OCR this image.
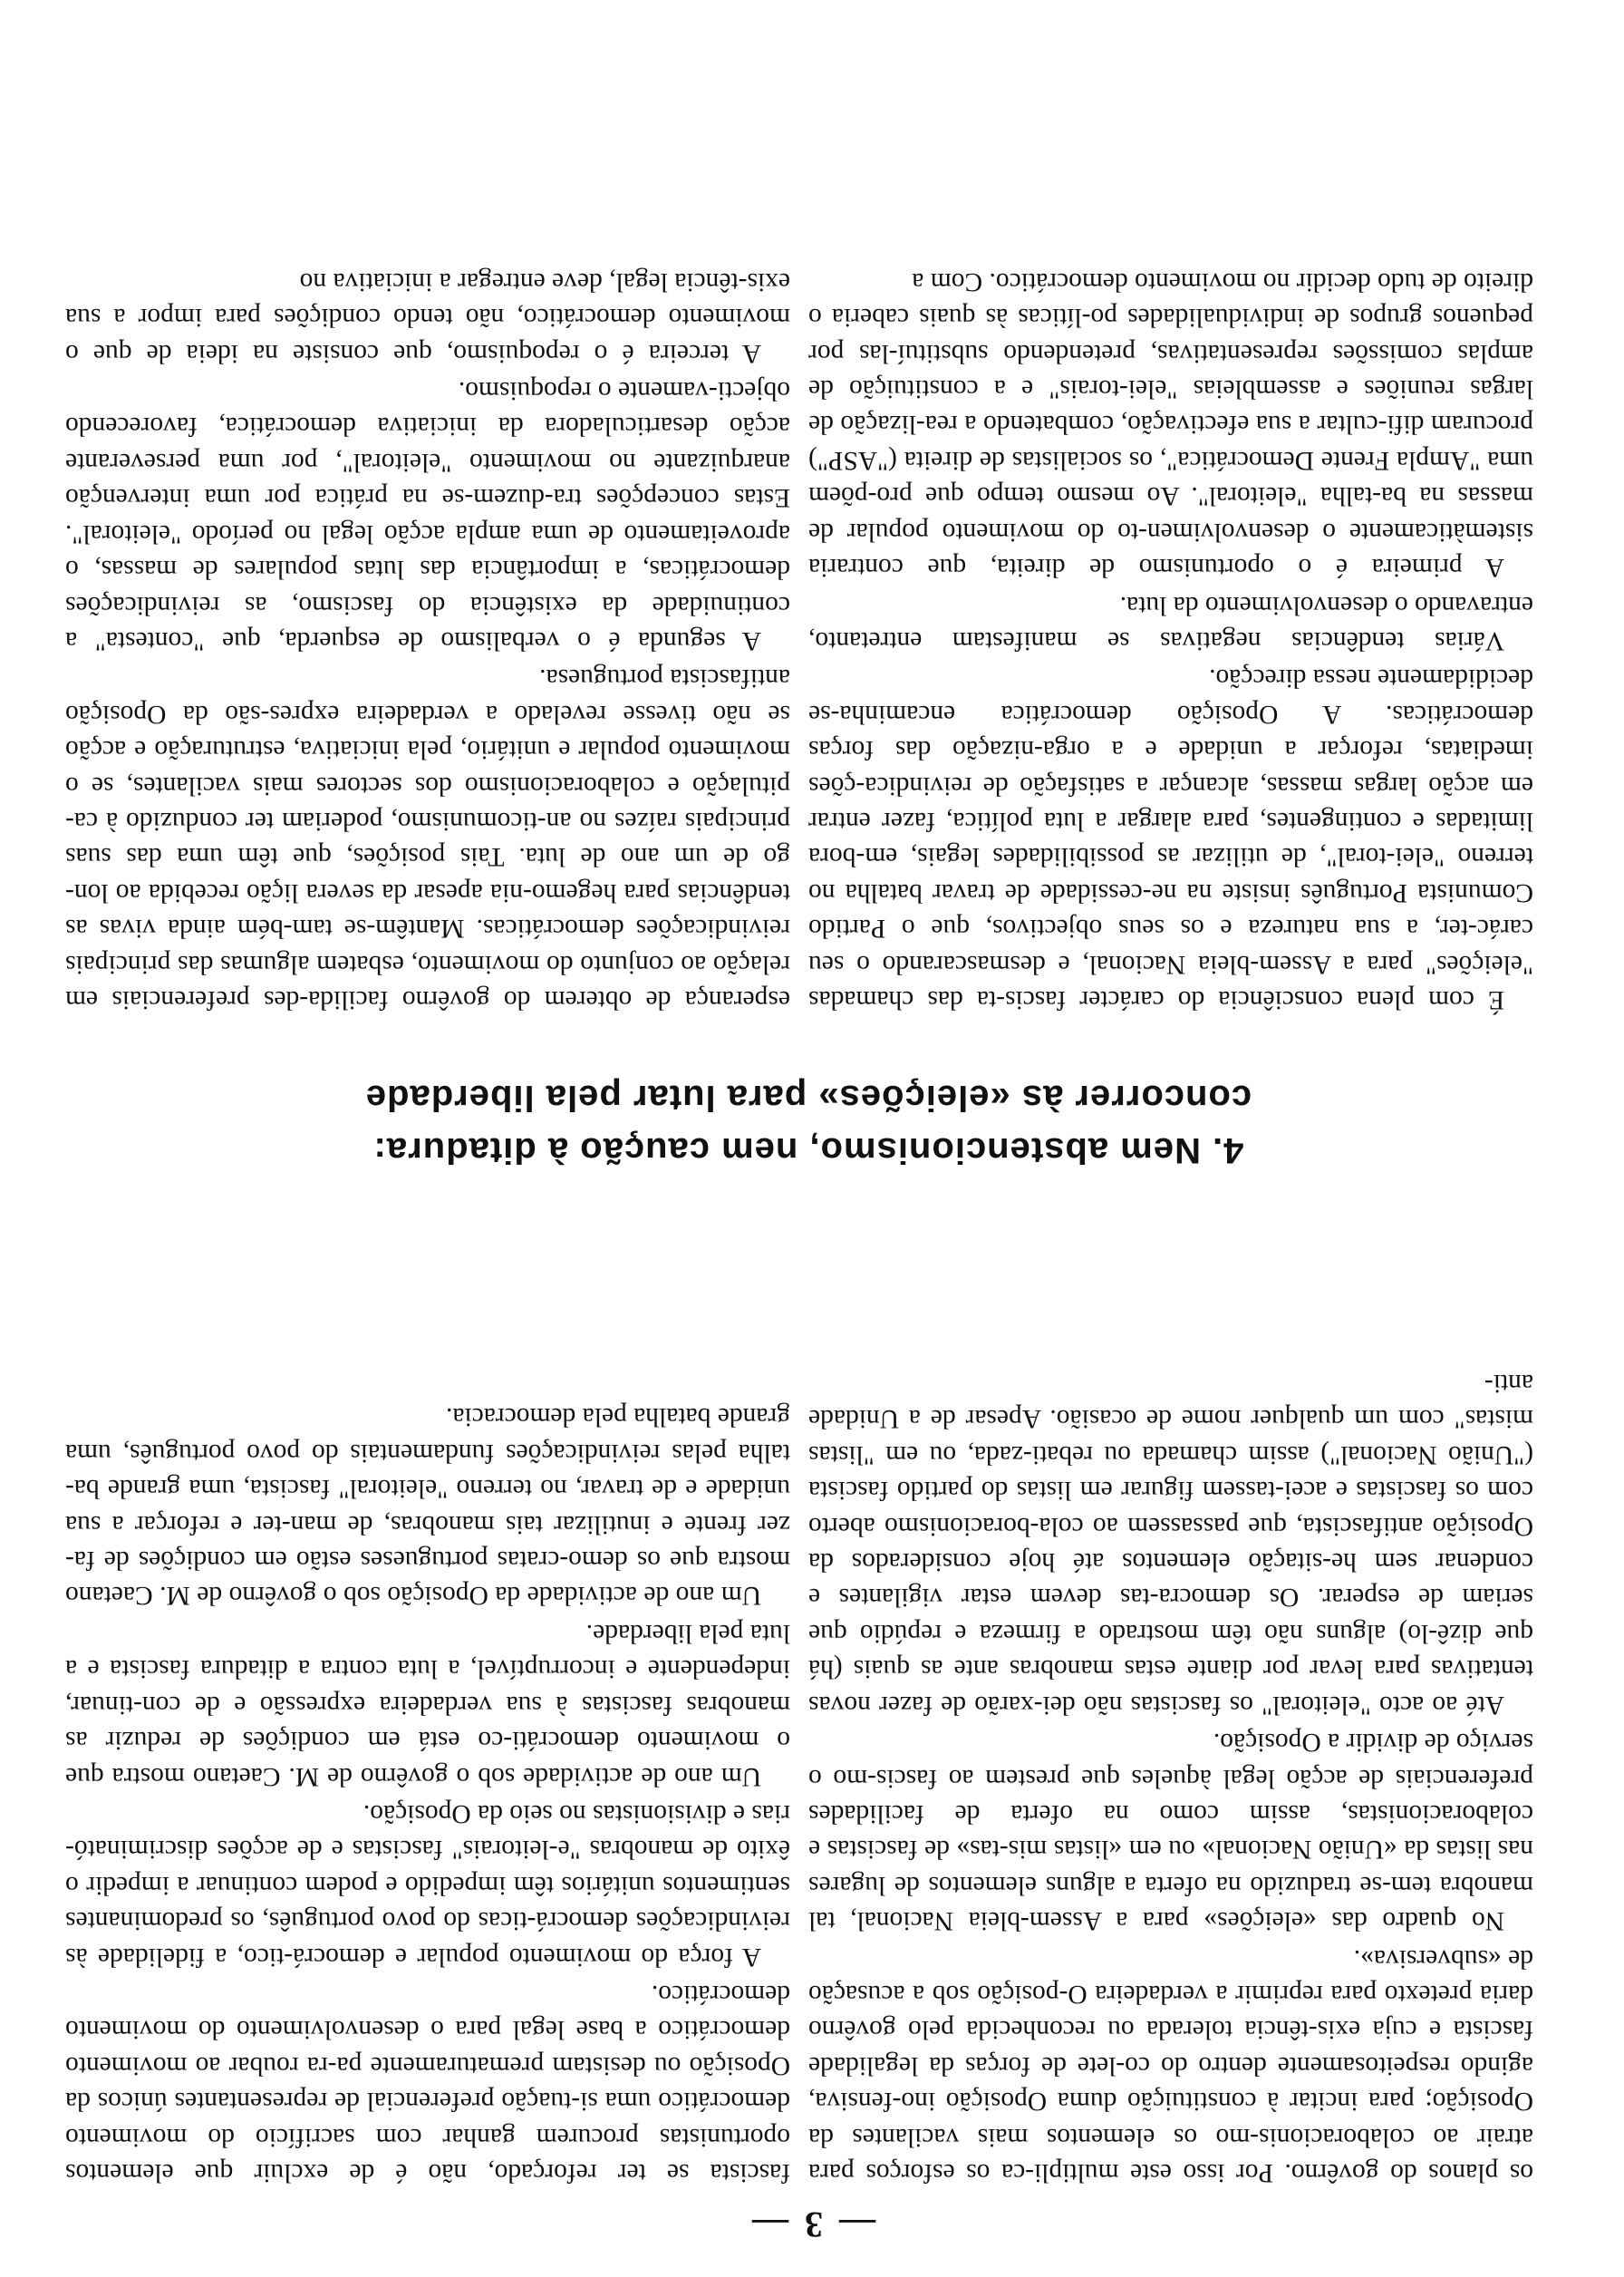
— 3 —

os planos do govêrno. Por isso este multipli-ca os esforços para atrair ao colaboracionis-mo os elementos mais vacilantes da Oposição; para incitar à constituição duma Oposição ino-fensiva, agindo respeitosamente dentro do co-lete de forças da legalidade fascista e cuja exis-tência tolerada ou reconhecida pelo govêrno daria pretexto para reprimir a verdadeira O-posição sob a acusação de «subversiva».

No quadro das «eleições» para a Assem-bleia Nacional, tal manobra tem-se traduzido na oferta a alguns elementos de lugares nas listas da «União Nacional» ou em «listas mis-tas» de fascistas e colaboracionistas, assim como na oferta de facilidades preferenciais de acção legal àqueles que prestem ao fascis-mo o serviço de dividir a Oposição.

Até ao acto "eleitoral" os fascistas não dei-xarão de fazer novas tentativas para levar por diante estas manobras ante as quais (há que dizê-lo) alguns não têm mostrado a firmeza e repúdio que seriam de esperar. Os democra-tas devem estar vigilantes e condenar sem he-sitação elementos até hoje considerados da Oposição antifascista, que passassem ao cola-boracionismo aberto com os fascistas e acei-tassem figurar em listas do partido fascista ("União Nacional") assim chamada ou rebati-zada, ou em "listas mistas" com um qualquer nome de ocasião. Apesar de a Unidade anti-

fascista se ter reforçado, não é de excluir que elementos oportunistas procurem ganhar com sacrifício do movimento democrático uma si-tuação preferencial de representantes únicos da Oposição ou desistam prematuramente pa-ra roubar ao movimento democrático a base legal para o desenvolvimento do movimento democrático.

A força do movimento popular e democrá-tico, a fidelidade às reivindicações democrá-ticas do povo português, os predominantes sentimentos unitários têm impedido e podem continuar a impedir o êxito de manobras "e-leitorais" fascistas e de acções discriminató-rias e divisionistas no seio da Oposição.

Um ano de actividade sob o govêrno de M. Caetano mostra que o movimento democráti-co está em condições de reduzir as manobras fascistas à sua verdadeira expressão e de con-tinuar, independente e incorruptível, a luta contra a ditadura fascista e a luta pela liberdade.

Um ano de actividade da Oposição sob o govêrno de M. Caetano mostra que os demo-cratas portugueses estão em condições de fa-zer frente e inutilizar tais manobras, de man-ter e reforçar a sua unidade e de travar, no terreno "eleitoral" fascista, uma grande ba-talha pelas reivindicações fundamentais do povo português, uma grande batalha pela democracia.

4. Nem abstencionismo, nem caução à ditadura:
concorrer às «eleições» para lutar pela liberdade

É com plena consciência do carácter fascis-ta das chamadas "eleições" para a Assem-bleia Nacional, e desmascarando o seu carác-ter, a sua natureza e os seus objectivos, que o Partido Comunista Português insiste na ne-cessidade de travar batalha no terreno "elei-toral", de utilizar as possibilidades legais, em-bora limitadas e contingentes, para alargar a luta política, fazer entrar em acção largas massas, alcançar a satisfação de reivindica-ções imediatas, reforçar a unidade e a orga-nização das forças democráticas. A Oposição democrática encaminha-se decididamente nessa direcção.

Várias tendências negativas se manifestam entretanto, entravando o desenvolvimento da luta.

A primeira é o oportunismo de direita, que contraria sistemàticamente o desenvolvimen-to do movimento popular de massas na ba-talha "eleitoral". Ao mesmo tempo que pro-põem uma "Ampla Frente Democrática", os socialistas de direita ("ASP") procuram difi-cultar a sua efectivação, combatendo a rea-lização de largas reuniões e assembleias "elei-torais" e a constituição de amplas comissões representativas, pretendendo substituí-las por pequenos grupos de individualidades po-líticas às quais caberia o direito de tudo decidir no movimento democrático. Com a

esperança de obterem do govêrno facilida-des preferenciais em relação ao conjunto do movimento, esbatem algumas das principais reivindicações democráticas. Mantêm-se tam-bém ainda vivas as tendências para hegemo-nia apesar da severa lição recebida ao lon-go de um ano de luta. Tais posições, que têm uma das suas principais raízes no an-ticomunismo, poderiam ter conduzido à ca-pitulação e colaboracionismo dos sectores mais vacilantes, se o movimento popular e unitário, pela iniciativa, estruturação e acção se não tivesse revelado a verdadeira expres-são da Oposição antifascista portuguesa.

A segunda é o verbalismo de esquerda, que "contesta" a continuidade da existência do fascismo, as reivindicações democráticas, a importância das lutas populares de massas, o aproveitamento de uma ampla acção legal no período "eleitoral". Estas concepções tra-duzem-se na prática por uma intervenção anarquizante no movimento "eleitoral", por uma perseverante acção desarticuladora da iniciativa democrática, favorecendo objecti-vamente o repoquismo.

A terceira é o repoquismo, que consiste na ideia de que o movimento democrático, não tendo condições para impor a sua exis-tência legal, deve entregar a iniciativa no
